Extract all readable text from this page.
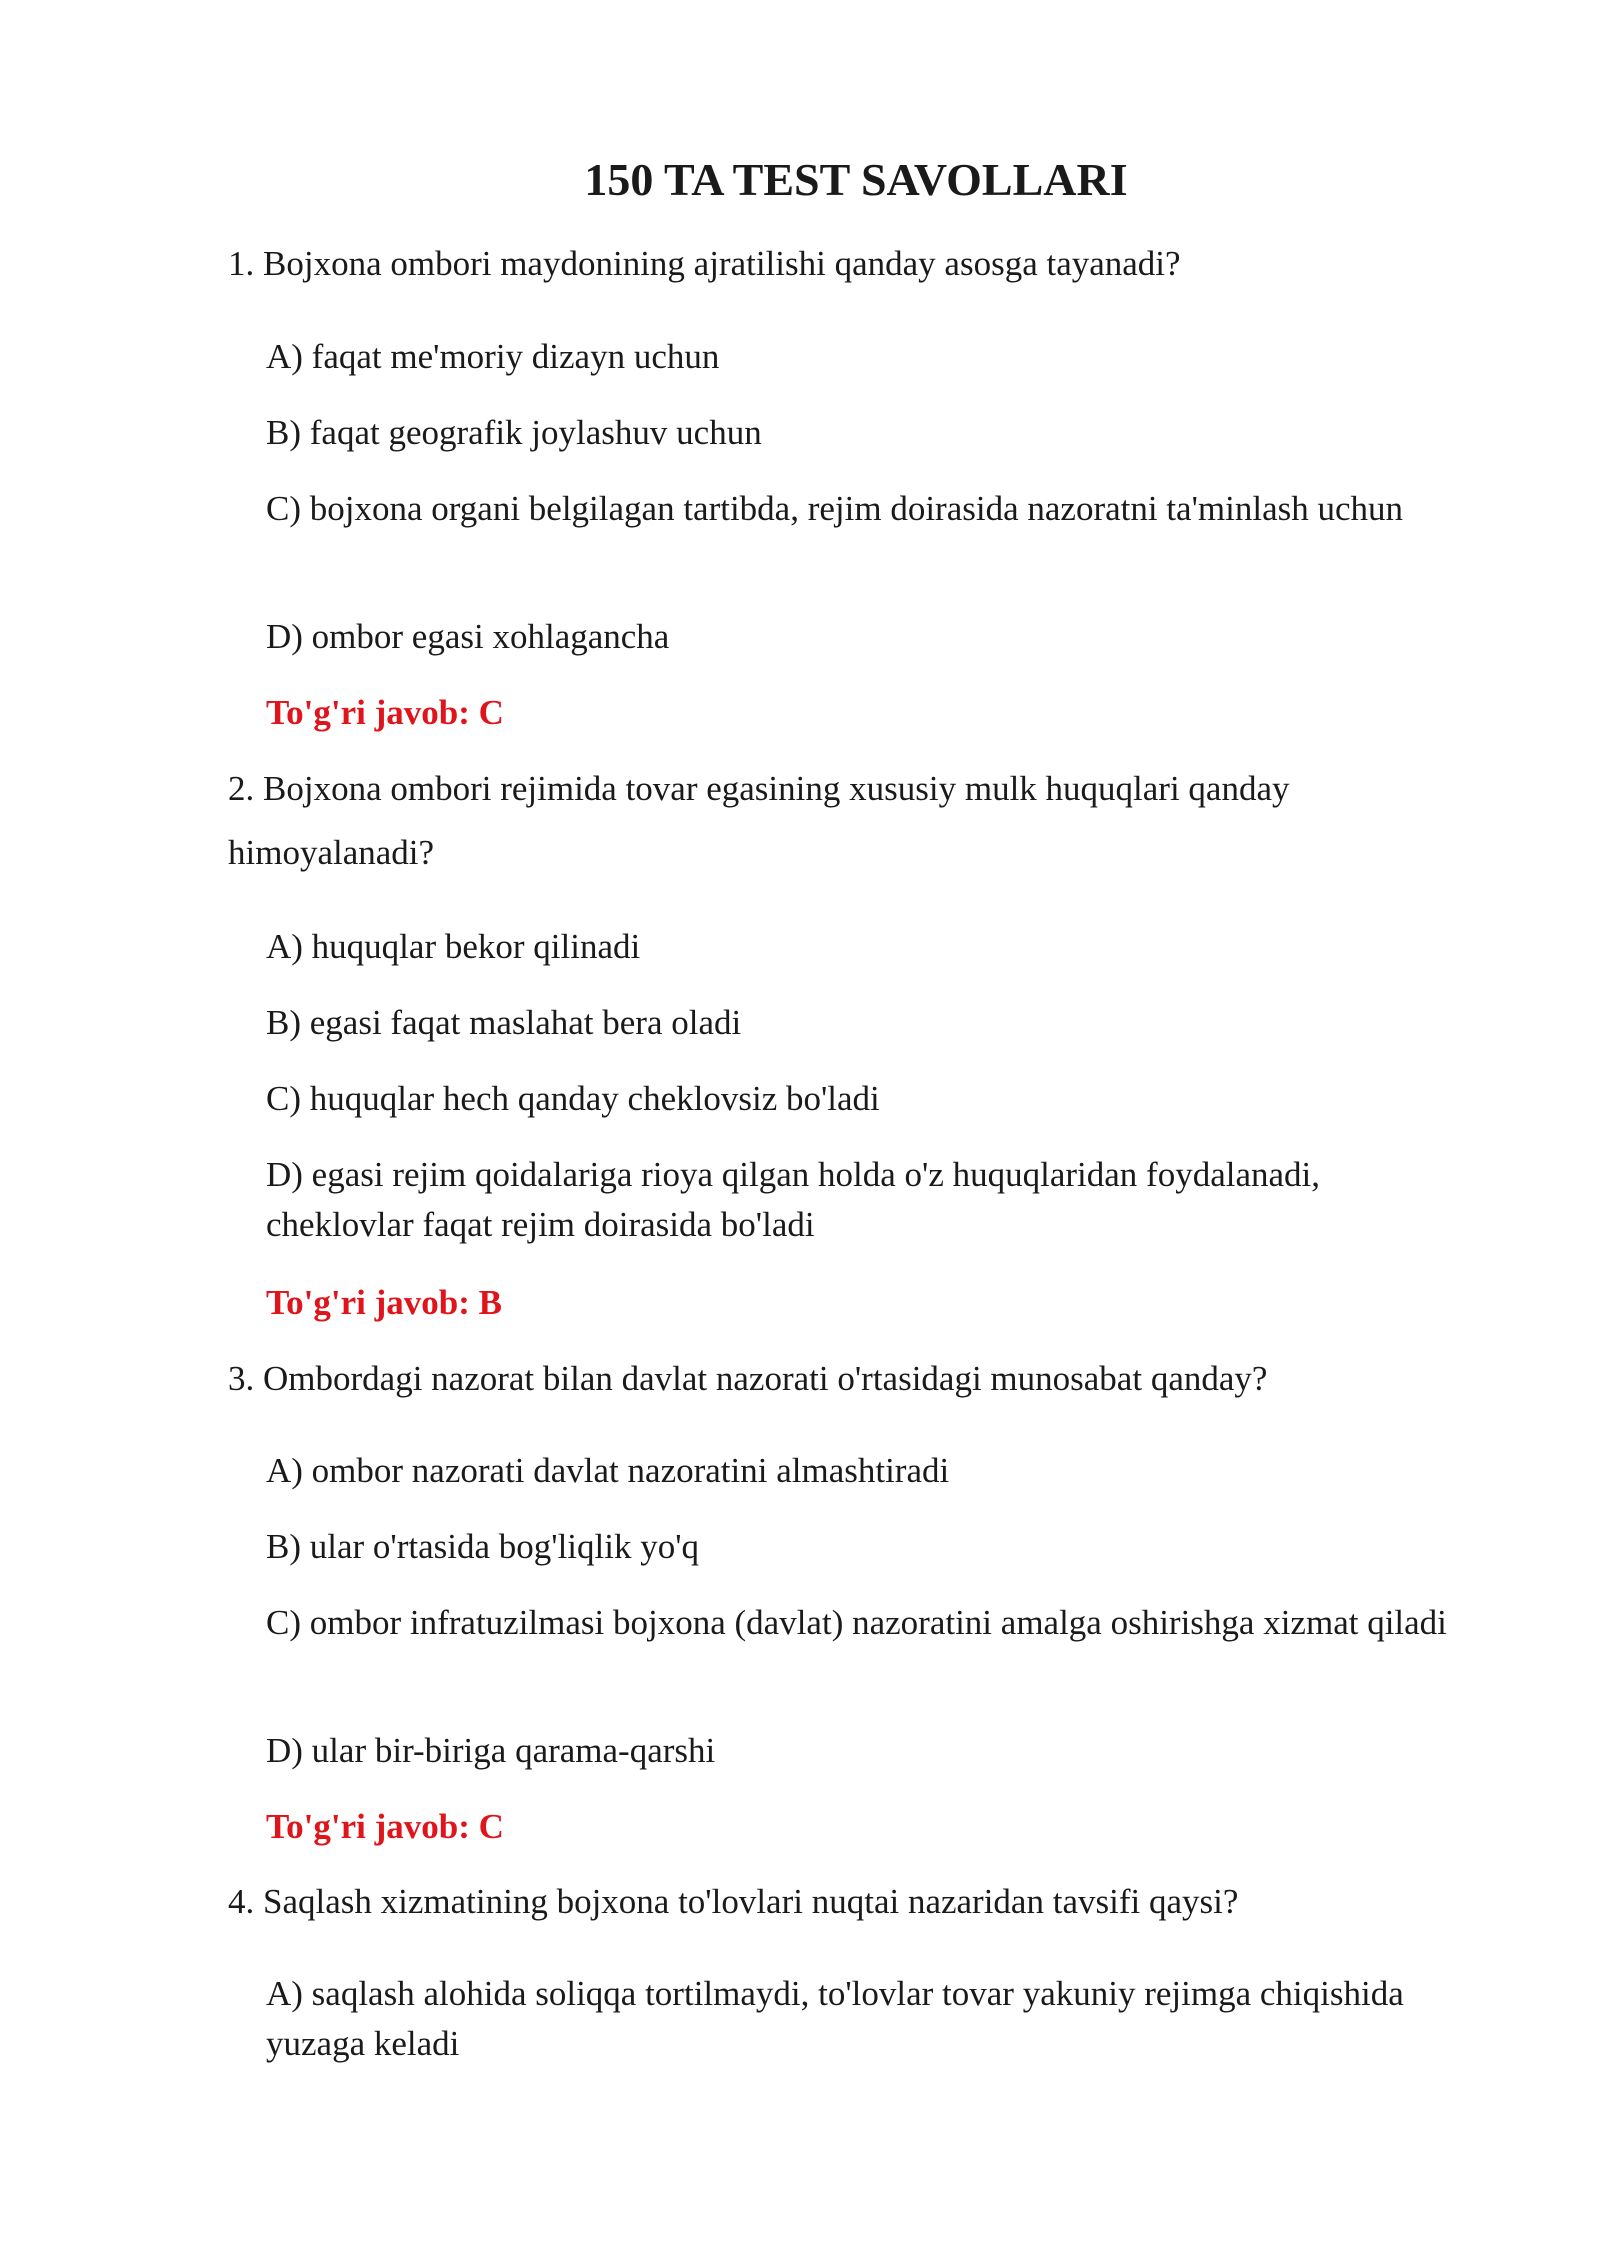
150 TA TEST SAVOLLARI

1. Bojxona ombori maydonining ajratilishi qanday asosga tayanadi?

A) faqat me'moriy dizayn uchun

B) faqat geografik joylashuv uchun

C) bojxona organi belgilagan tartibda, rejim doirasida nazoratni ta'minlash uchun

D) ombor egasi xohlagancha

To'g'ri javob: C

2. Bojxona ombori rejimida tovar egasining xususiy mulk huquqlari qanday himoyalanadi?

A) huquqlar bekor qilinadi

B) egasi faqat maslahat bera oladi

C) huquqlar hech qanday cheklovsiz bo'ladi

D) egasi rejim qoidalariga rioya qilgan holda o'z huquqlaridan foydalanadi, cheklovlar faqat rejim doirasida bo'ladi

To'g'ri javob: B

3. Ombordagi nazorat bilan davlat nazorati o'rtasidagi munosabat qanday?

A) ombor nazorati davlat nazoratini almashtiradi

B) ular o'rtasida bog'liqlik yo'q

C) ombor infratuzilmasi bojxona (davlat) nazoratini amalga oshirishga xizmat qiladi

D) ular bir-biriga qarama-qarshi

To'g'ri javob: C

4. Saqlash xizmatining bojxona to'lovlari nuqtai nazaridan tavsifi qaysi?

A) saqlash alohida soliqqa tortilmaydi, to'lovlar tovar yakuniy rejimga chiqishida yuzaga keladi
